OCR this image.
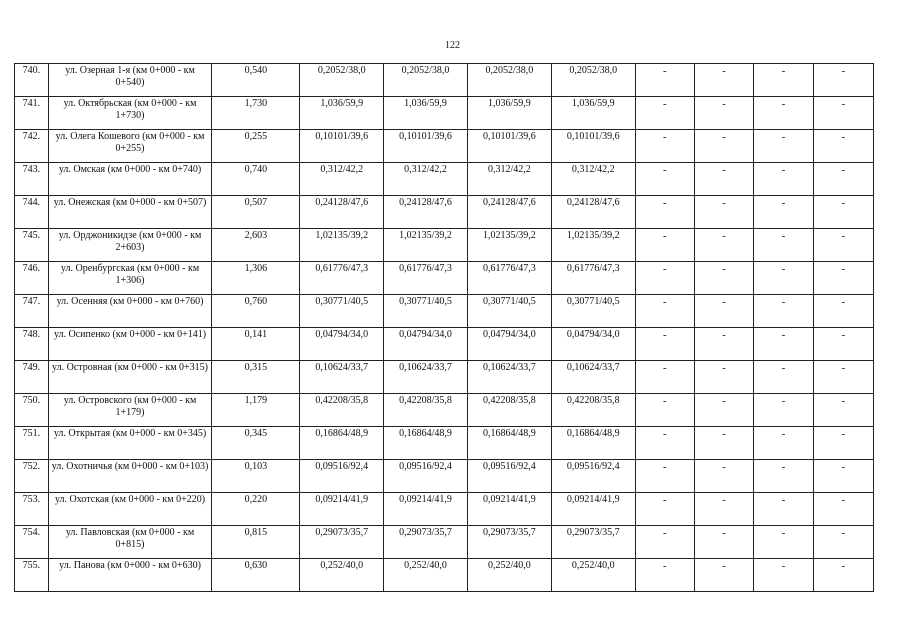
122
740.	ул. Озерная 1-я (км 0+000 - км 0+540)	0,540	0,2052/38,0	0,2052/38,0	0,2052/38,0	0,2052/38,0	-	-	-	-
741.	ул. Октябрьская (км 0+000 - км 1+730)	1,730	1,036/59,9	1,036/59,9	1,036/59,9	1,036/59,9	-	-	-	-
742.	ул. Олега Кошевого (км 0+000 - км 0+255)	0,255	0,10101/39,6	0,10101/39,6	0,10101/39,6	0,10101/39,6	-	-	-	-
743.	ул. Омская (км 0+000 - км 0+740)	0,740	0,312/42,2	0,312/42,2	0,312/42,2	0,312/42,2	-	-	-	-
744.	ул. Онежская (км 0+000 - км 0+507)	0,507	0,24128/47,6	0,24128/47,6	0,24128/47,6	0,24128/47,6	-	-	-	-
745.	ул. Орджоникидзе (км 0+000 - км 2+603)	2,603	1,02135/39,2	1,02135/39,2	1,02135/39,2	1,02135/39,2	-	-	-	-
746.	ул. Оренбургская (км 0+000 - км 1+306)	1,306	0,61776/47,3	0,61776/47,3	0,61776/47,3	0,61776/47,3	-	-	-	-
747.	ул. Осенняя (км 0+000 - км 0+760)	0,760	0,30771/40,5	0,30771/40,5	0,30771/40,5	0,30771/40,5	-	-	-	-
748.	ул. Осипенко (км 0+000 - км 0+141)	0,141	0,04794/34,0	0,04794/34,0	0,04794/34,0	0,04794/34,0	-	-	-	-
749.	ул. Островная (км 0+000 - км 0+315)	0,315	0,10624/33,7	0,10624/33,7	0,10624/33,7	0,10624/33,7	-	-	-	-
750.	ул. Островского (км 0+000 - км 1+179)	1,179	0,42208/35,8	0,42208/35,8	0,42208/35,8	0,42208/35,8	-	-	-	-
751.	ул. Открытая (км 0+000 - км 0+345)	0,345	0,16864/48,9	0,16864/48,9	0,16864/48,9	0,16864/48,9	-	-	-	-
752.	ул. Охотничья (км 0+000 - км 0+103)	0,103	0,09516/92,4	0,09516/92,4	0,09516/92,4	0,09516/92,4	-	-	-	-
753.	ул. Охотская (км 0+000 - км 0+220)	0,220	0,09214/41,9	0,09214/41,9	0,09214/41,9	0,09214/41,9	-	-	-	-
754.	ул. Павловская (км 0+000 - км 0+815)	0,815	0,29073/35,7	0,29073/35,7	0,29073/35,7	0,29073/35,7	-	-	-	-
755.	ул. Панова (км 0+000 - км 0+630)	0,630	0,252/40,0	0,252/40,0	0,252/40,0	0,252/40,0	-	-	-	-
